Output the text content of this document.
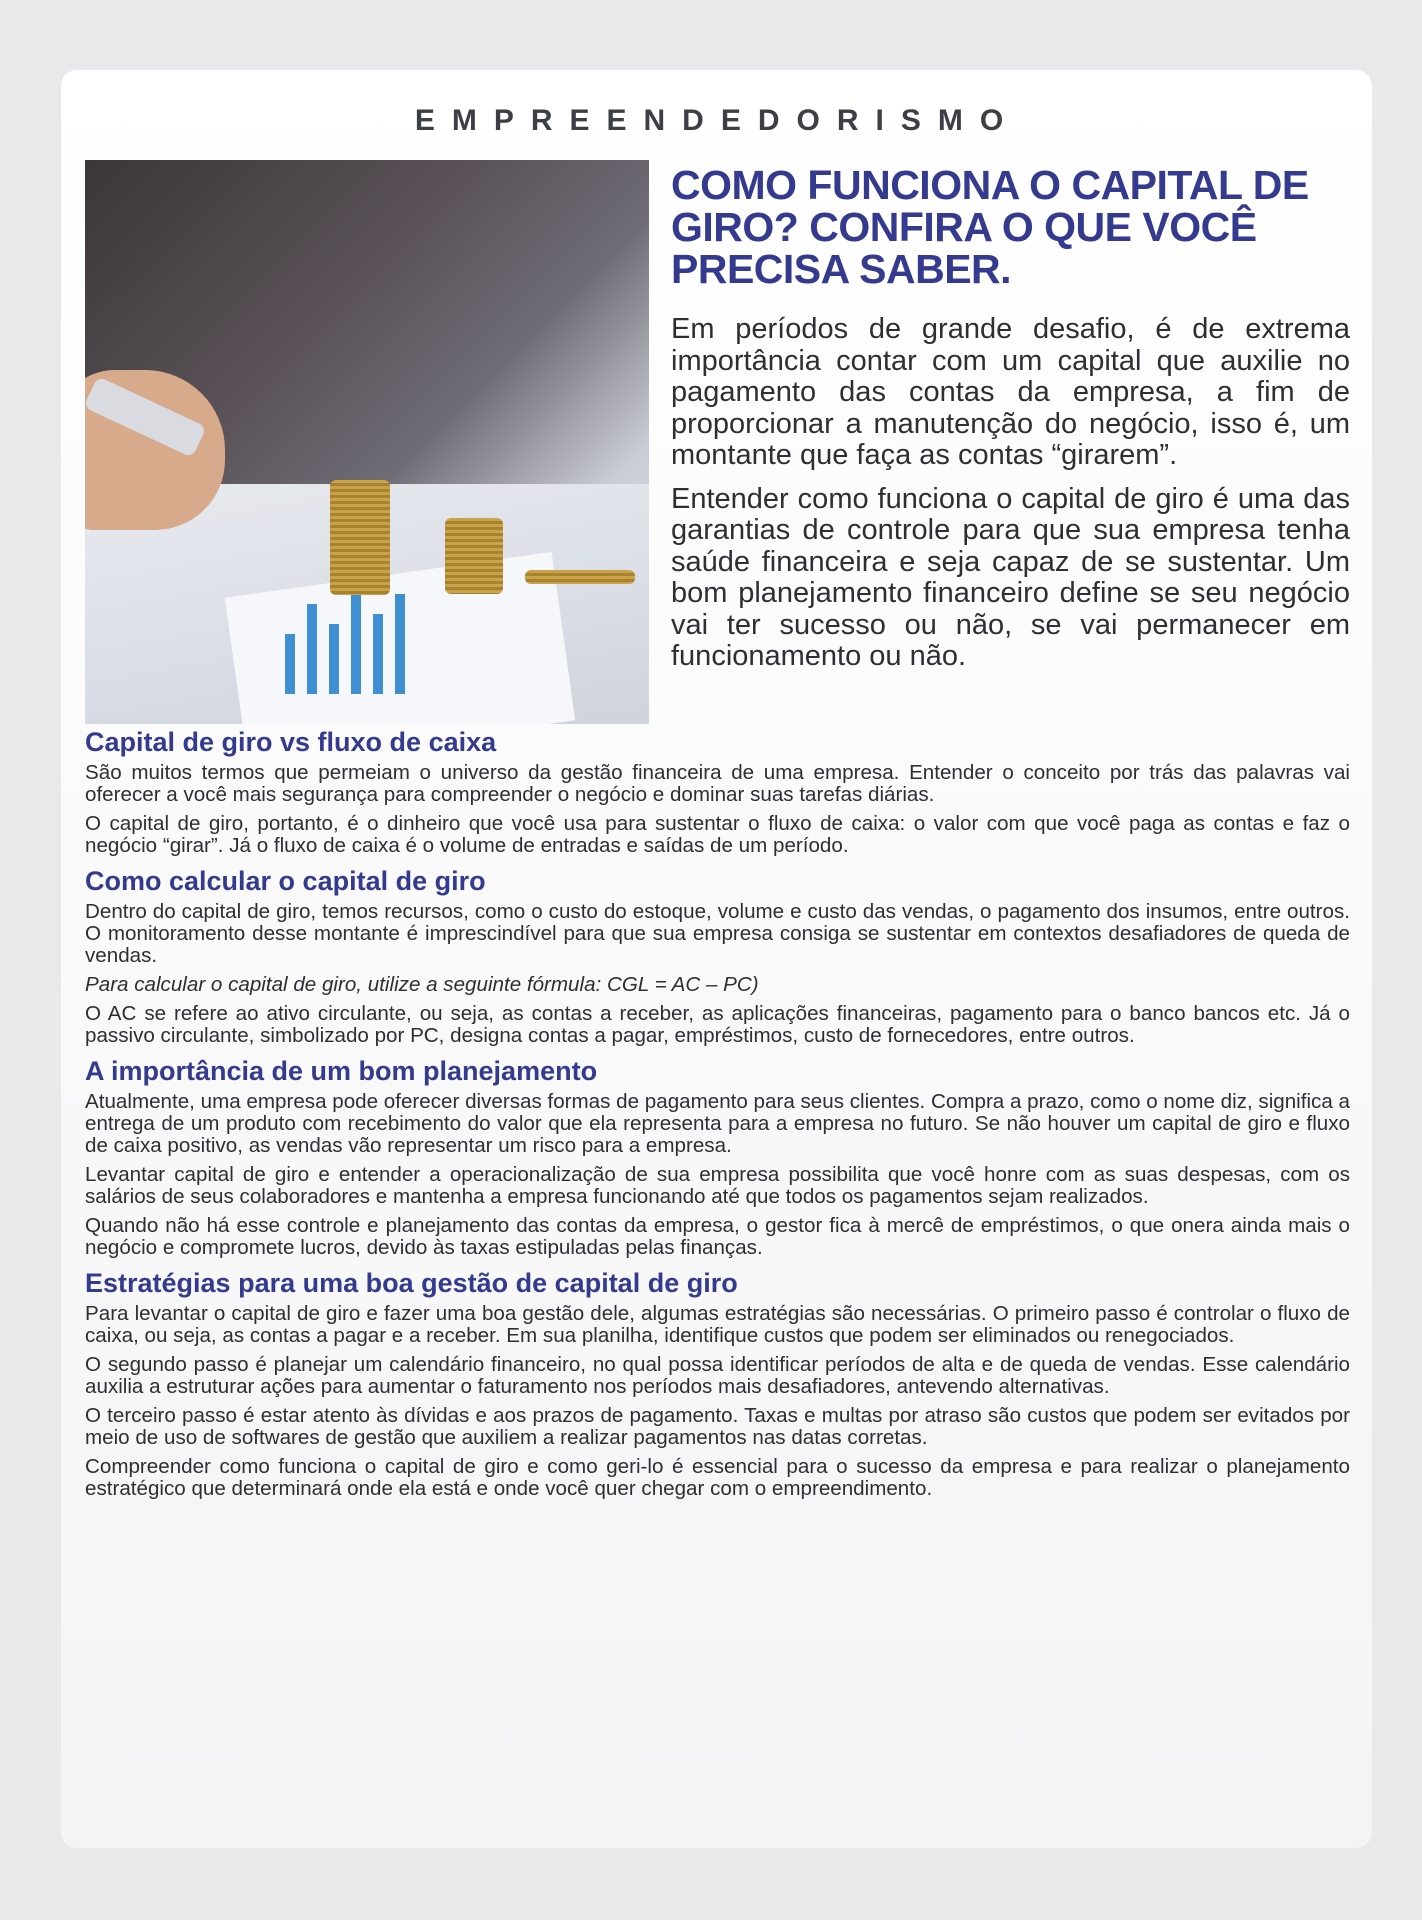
EMPREENDEDORISMO
COMO FUNCIONA O CAPITAL DE GIRO? CONFIRA O QUE VOCÊ PRECISA SABER.

Em períodos de grande desafio, é de extrema importância contar com um capital que auxilie no pagamento das contas da empresa, a fim de proporcionar a manutenção do negócio, isso é, um montante que faça as contas “girarem”.

Entender como funciona o capital de giro é uma das garantias de controle para que sua empresa tenha saúde financeira e seja capaz de se sustentar. Um bom planejamento financeiro define se seu negócio vai ter sucesso ou não, se vai permanecer em funcionamento ou não.

Capital de giro vs fluxo de caixa

São muitos termos que permeiam o universo da gestão financeira de uma empresa. Entender o conceito por trás das palavras vai oferecer a você mais segurança para compreender o negócio e dominar suas tarefas diárias.

O capital de giro, portanto, é o dinheiro que você usa para sustentar o fluxo de caixa: o valor com que você paga as contas e faz o negócio “girar”. Já o fluxo de caixa é o volume de entradas e saídas de um período.

Como calcular o capital de giro

Dentro do capital de giro, temos recursos, como o custo do estoque, volume e custo das vendas, o pagamento dos insumos, entre outros. O monitoramento desse montante é imprescindível para que sua empresa consiga se sustentar em contextos desafiadores de queda de vendas.

Para calcular o capital de giro, utilize a seguinte fórmula: CGL = AC – PC)

O AC se refere ao ativo circulante, ou seja, as contas a receber, as aplicações financeiras, pagamento para o banco bancos etc. Já o passivo circulante, simbolizado por PC, designa contas a pagar, empréstimos, custo de fornecedores, entre outros.

A importância de um bom planejamento

Atualmente, uma empresa pode oferecer diversas formas de pagamento para seus clientes. Compra a prazo, como o nome diz, significa a entrega de um produto com recebimento do valor que ela representa para a empresa no futuro. Se não houver um capital de giro e fluxo de caixa positivo, as vendas vão representar um risco para a empresa.

Levantar capital de giro e entender a operacionalização de sua empresa possibilita que você honre com as suas despesas, com os salários de seus colaboradores e mantenha a empresa funcionando até que todos os pagamentos sejam realizados.

Quando não há esse controle e planejamento das contas da empresa, o gestor fica à mercê de empréstimos, o que onera ainda mais o negócio e compromete lucros, devido às taxas estipuladas pelas finanças.

Estratégias para uma boa gestão de capital de giro

Para levantar o capital de giro e fazer uma boa gestão dele, algumas estratégias são necessárias. O primeiro passo é controlar o fluxo de caixa, ou seja, as contas a pagar e a receber. Em sua planilha, identifique custos que podem ser eliminados ou renegociados.

O segundo passo é planejar um calendário financeiro, no qual possa identificar períodos de alta e de queda de vendas. Esse calendário auxilia a estruturar ações para aumentar o faturamento nos períodos mais desafiadores, antevendo alternativas.

O terceiro passo é estar atento às dívidas e aos prazos de pagamento. Taxas e multas por atraso são custos que podem ser evitados por meio de uso de softwares de gestão que auxiliem a realizar pagamentos nas datas corretas.

Compreender como funciona o capital de giro e como geri-lo é essencial para o sucesso da empresa e para realizar o planejamento estratégico que determinará onde ela está e onde você quer chegar com o empreendimento.
